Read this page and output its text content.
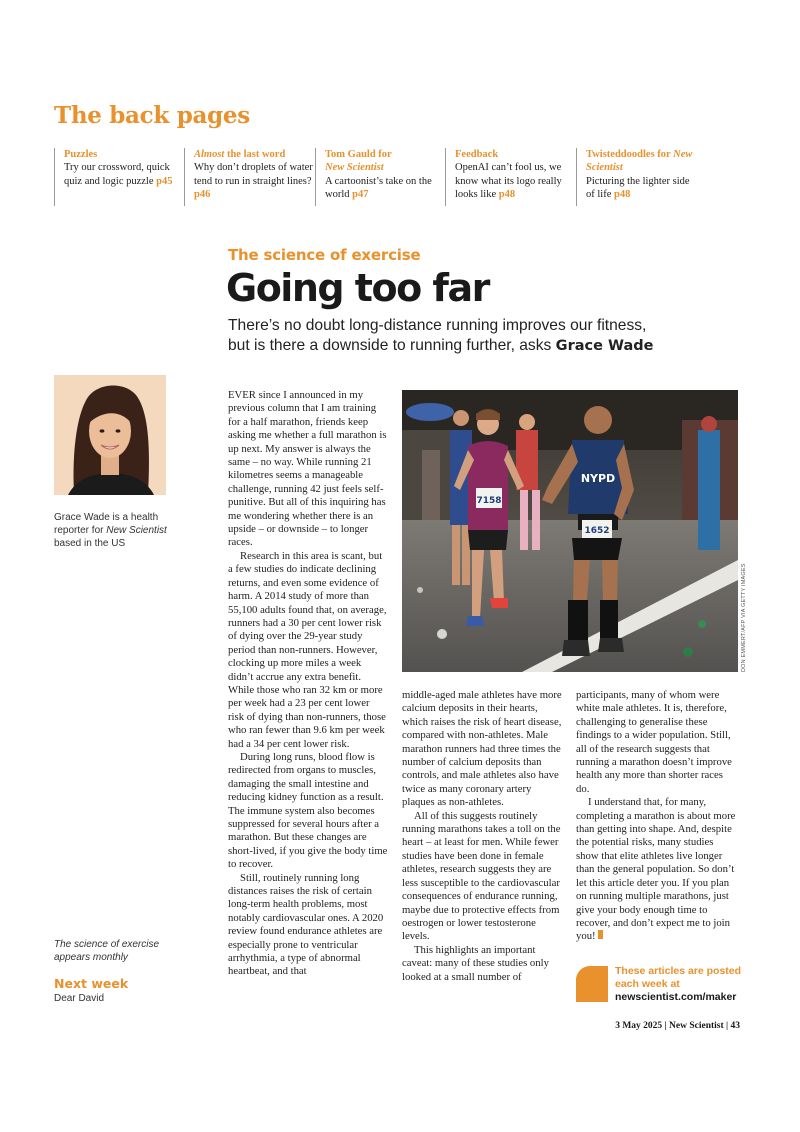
The back pages
Puzzles
Try our crossword, quick quiz and logic puzzle p45
Almost the last word
Why don’t droplets of water tend to run in straight lines? p46
Tom Gauld for
New Scientist
A cartoonist’s take on the world p47
Feedback
OpenAI can’t fool us, we know what its logo really looks like p48
Twisteddoodles for New Scientist
Picturing the lighter side of life p48
The science of exercise
Going too far
There’s no doubt long-distance running improves our fitness, but is there a downside to running further, asks Grace Wade
Grace Wade is a health reporter for New Scientist based in the US

EVER since I announced in my previous column that I am training for a half marathon, friends keep asking me whether a full marathon is up next. My answer is always the same – no way. While running 21 kilometres seems a manageable challenge, running 42 just feels self-punitive. But all of this inquiring has me wondering whether there is an upside – or downside – to longer races.

Research in this area is scant, but a few studies do indicate declining returns, and even some evidence of harm. A 2014 study of more than 55,100 adults found that, on average, runners had a 30 per cent lower risk of dying over the 29-year study period than non-runners. However, clocking up more miles a week didn’t accrue any extra benefit. While those who ran 32 km or more per week had a 23 per cent lower risk of dying than non-runners, those who ran fewer than 9.6 km per week had a 34 per cent lower risk.

During long runs, blood flow is redirected from organs to muscles, damaging the small intestine and reducing kidney function as a result. The immune system also becomes suppressed for several hours after a marathon. But these changes are short-lived, if you give the body time to recover.

Still, routinely running long distances raises the risk of certain long-term health problems, most notably cardiovascular ones. A 2020 review found endurance athletes are especially prone to ventricular arrhythmia, a type of abnormal heartbeat, and that

7158
NYPD
1652
DON EMMERT/AFP VIA GETTY IMAGES

middle-aged male athletes have more calcium deposits in their hearts, which raises the risk of heart disease, compared with non-athletes. Male marathon runners had three times the number of calcium deposits than controls, and male athletes also have twice as many coronary artery plaques as non-athletes.

All of this suggests routinely running marathons takes a toll on the heart – at least for men. While fewer studies have been done in female athletes, research suggests they are less susceptible to the cardiovascular consequences of endurance running, maybe due to protective effects from oestrogen or lower testosterone levels.

This highlights an important caveat: many of these studies only looked at a small number of

participants, many of whom were white male athletes. It is, therefore, challenging to generalise these findings to a wider population. Still, all of the research suggests that running a marathon doesn’t improve health any more than shorter races do.

I understand that, for many, completing a marathon is about more than getting into shape. And, despite the potential risks, many studies show that elite athletes live longer than the general population. So don’t let this article deter you. If you plan on running multiple marathons, just give your body enough time to recover, and don’t expect me to join you!

The science of exercise appears monthly
Next week
Dear David
These articles are posted each week at
newscientist.com/maker
3 May 2025 | New Scientist | 43
